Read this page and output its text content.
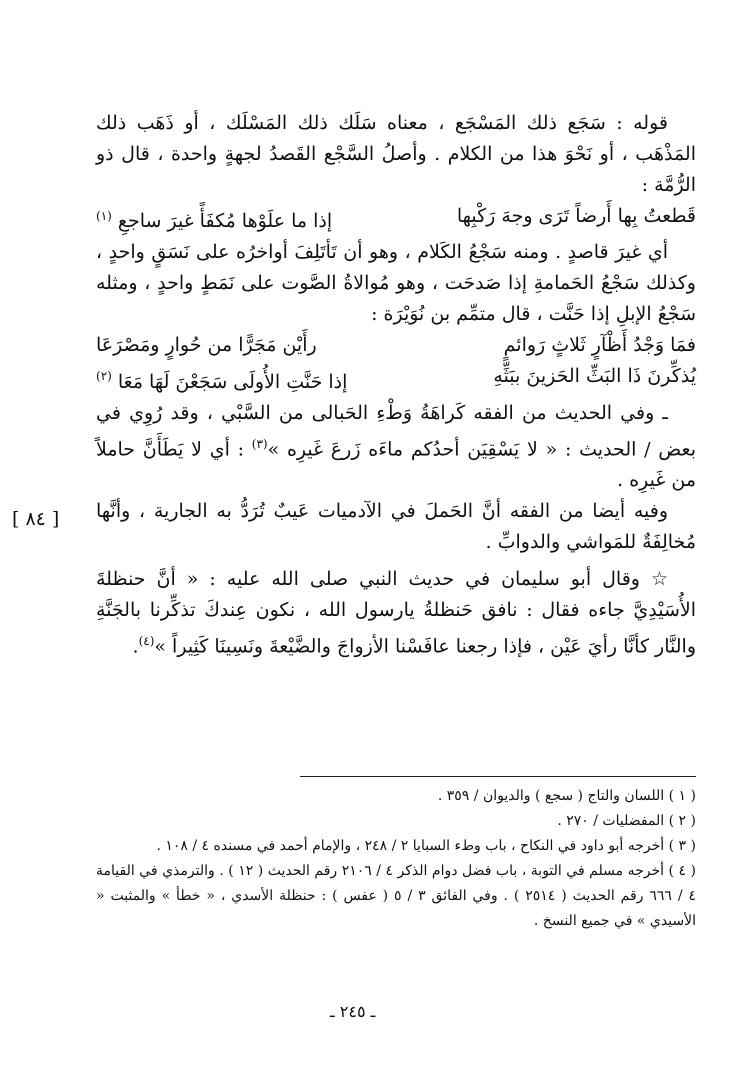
قوله : سَجَع ذلك المَسْجَع ، معناه سَلَك ذلك المَسْلَك ، أو ذَهَب ذلك المَذْهَب ، أو نَحْوَ هذا من الكلام . وأصلُ السَّجْع القَصدُ لجهةٍ واحدة ، قال ذو الرُّمَّة :

قَطعتُ بِها أَرضاً تَرَى وجهَ رَكْبِها
إذا ما علَوْها مُكفَأً غيرَ ساجعِ (١)

أي غيرَ قاصدٍ . ومنه سَجْعُ الكَلام ، وهو أن تَأتَلِفَ أواخرُه على نَسَقٍ واحدٍ ، وكذلك سَجْعُ الحَمامةِ إذا صَدحَت ، وهو مُوالاةُ الصَّوت على نَمَطٍ واحدٍ ، ومثله سَجْعُ الإبلِ إذا حَنَّت ، قال متمِّم بن نُوَيْرَة :

فمَا وَجْدُ أَظْآرٍ ثَلاثٍ رَوائمٍ
رأَيْن مَجَرًّا من حُوارٍ ومَصْرَعَا
يُذكِّرنَ ذَا البَثِّ الحَزينَ ببَثِّهِ
إذا حَنَّتِ الأُولَى سَجَعْنَ لَهَا مَعَا (٢)

ـ وفي الحديث من الفقه كَراهَةُ وَطْءِ الحَبالى من السَّبْي ، وقد رُوِي في بعض / الحديث : « لا يَسْقِيَن أحدُكم ماءَه زَرعَ غَيرِه »$^{(٣)}$ : أي لا يَطَأَنَّ حاملاً من غَيرِه .

وفيه أيضا من الفقه أنَّ الحَملَ في الآدميات عَيبٌ تُرَدُّ به الجارية ، وأنَّها مُخالِفَةٌ للمَواشي والدوابِّ .

☆ وقال أبو سليمان في حديث النبي صلى الله عليه : « أنَّ حنظلةَ الأُسَيْدِيَّ جاءه فقال : نافق حَنظلةُ يارسول الله ، نكون عِندكَ تذكِّرنا بالجَنَّةِ والنَّار كأنَّا رأيَ عَيْن ، فإذا رجعنا عافَسْنا الأزواجَ والضَّيْعةَ ونَسِينَا كَثِيراً »$^{(٤)}$.

[ ٨٤ ]

( ١ ) اللسان والتاج ( سجع ) والديوان / ٣٥٩ .

( ٢ ) المفضليات / ٢٧٠ .

( ٣ ) أخرجه أبو داود في النكاح ، باب وطء السبايا ٢ / ٢٤٨ ، والإمام أحمد في مسنده ٤ / ١٠٨ .

( ٤ ) أخرجه مسلم في التوبة ، باب فضل دوام الذكر ٤ / ٢١٠٦ رقم الحديث ( ١٢ ) . والترمذي في القيامة ٤ / ٦٦٦ رقم الحديث ( ٢٥١٤ ) . وفي الفائق ٣ / ٥ ( عفس ) : حنظلة الأسدي ، « خطأ » والمثبت « الأسيدي » في جميع النسخ .

ـ ٢٤٥ ـ
